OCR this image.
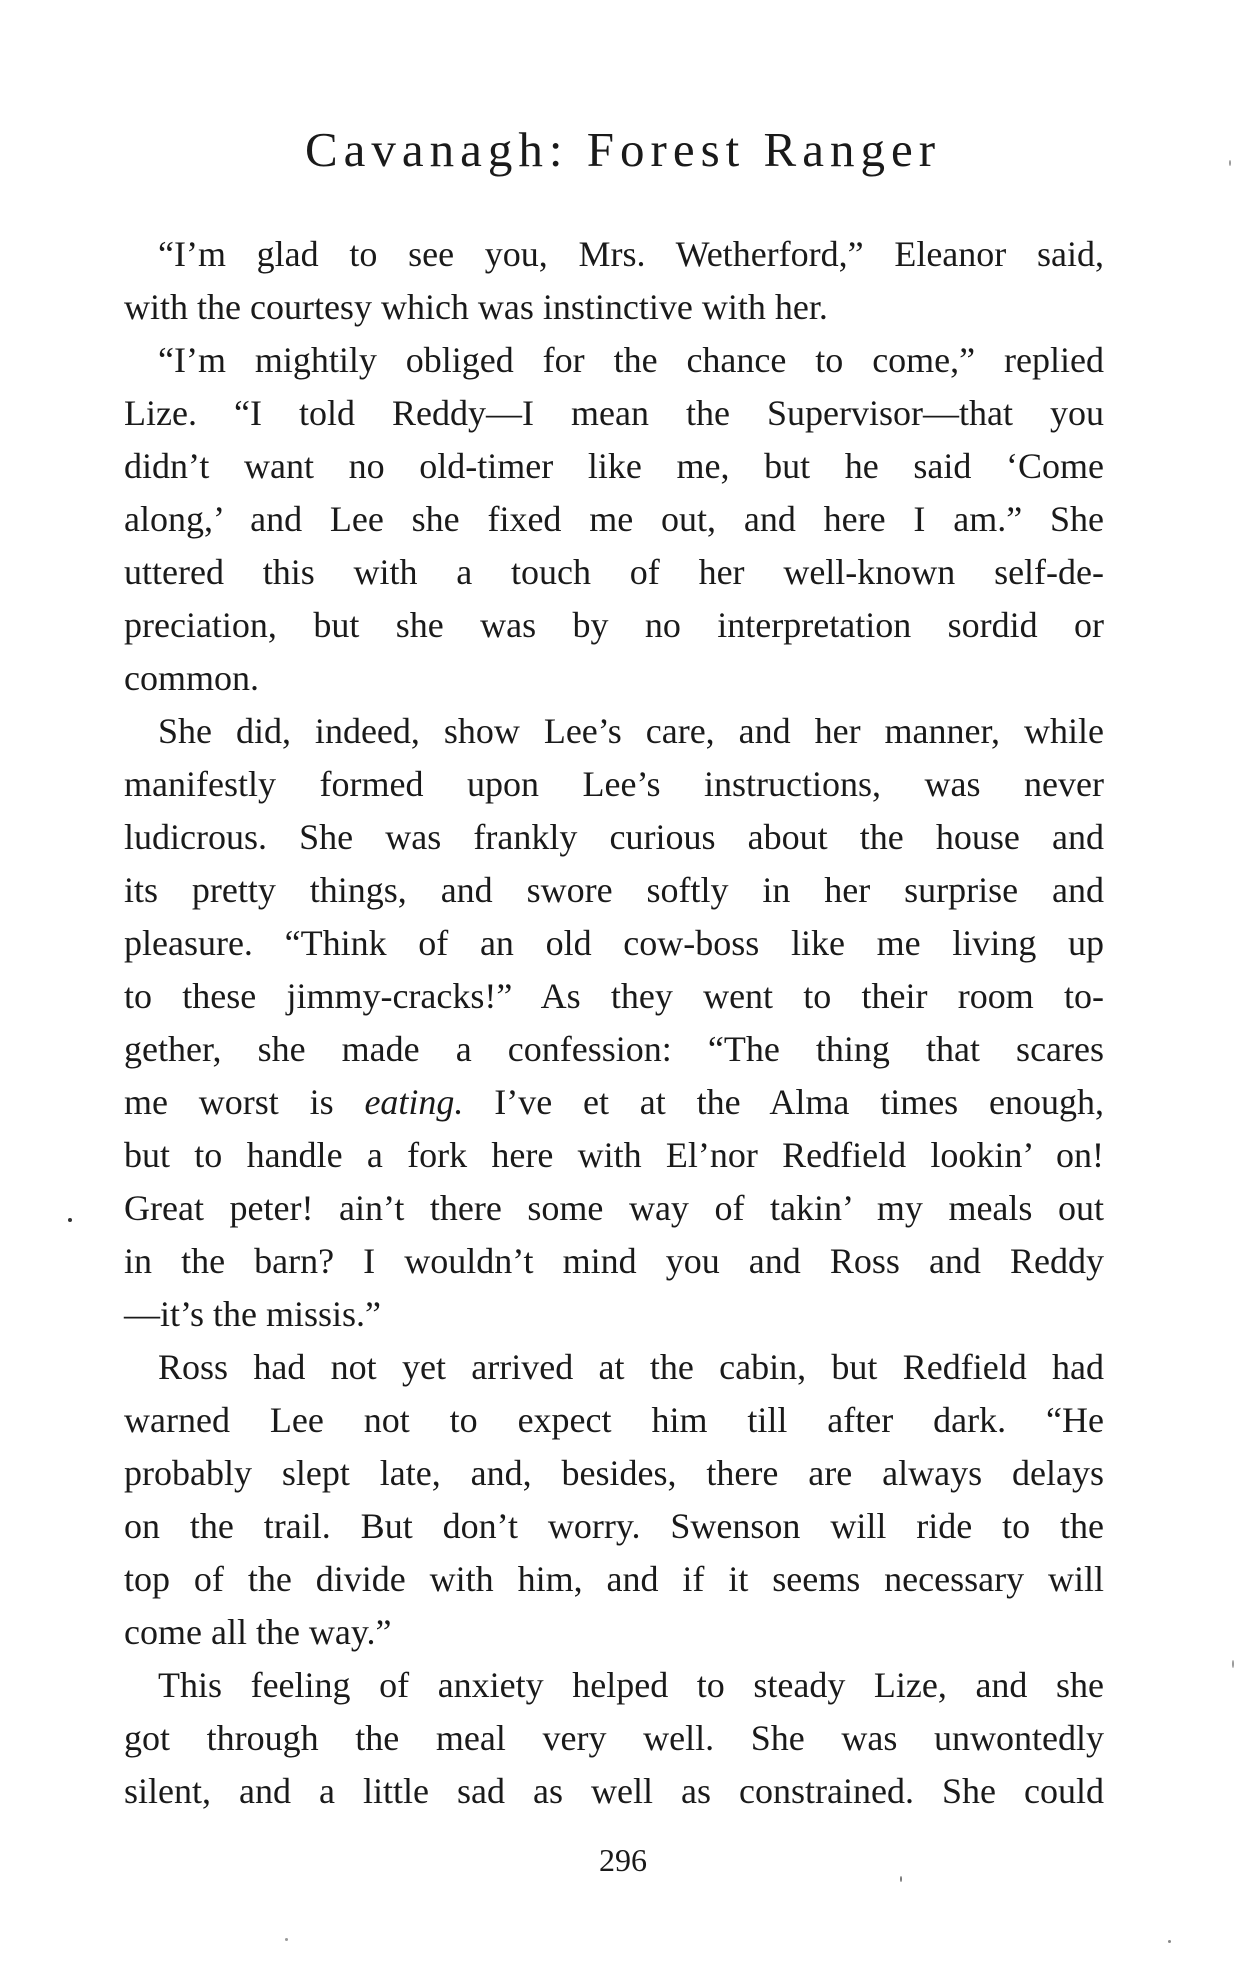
Cavanagh: Forest Ranger
“I’m glad to see you, Mrs. Wetherford,” Eleanor said,
with the courtesy which was instinctive with her.
“I’m mightily obliged for the chance to come,” replied
Lize. “I told Reddy—I mean the Supervisor—that you
didn’t want no old-timer like me, but he said ‘Come
along,’ and Lee she fixed me out, and here I am.” She
uttered this with a touch of her well-known self-de-
preciation, but she was by no interpretation sordid or
common.
She did, indeed, show Lee’s care, and her manner, while
manifestly formed upon Lee’s instructions, was never
ludicrous. She was frankly curious about the house and
its pretty things, and swore softly in her surprise and
pleasure. “Think of an old cow-boss like me living up
to these jimmy-cracks!” As they went to their room to-
gether, she made a confession: “The thing that scares
me worst is eating. I’ve et at the Alma times enough,
but to handle a fork here with El’nor Redfield lookin’ on!
Great peter! ain’t there some way of takin’ my meals out
in the barn? I wouldn’t mind you and Ross and Reddy
—it’s the missis.”
Ross had not yet arrived at the cabin, but Redfield had
warned Lee not to expect him till after dark. “He
probably slept late, and, besides, there are always delays
on the trail. But don’t worry. Swenson will ride to the
top of the divide with him, and if it seems necessary will
come all the way.”
This feeling of anxiety helped to steady Lize, and she
got through the meal very well. She was unwontedly
silent, and a little sad as well as constrained. She could
296
